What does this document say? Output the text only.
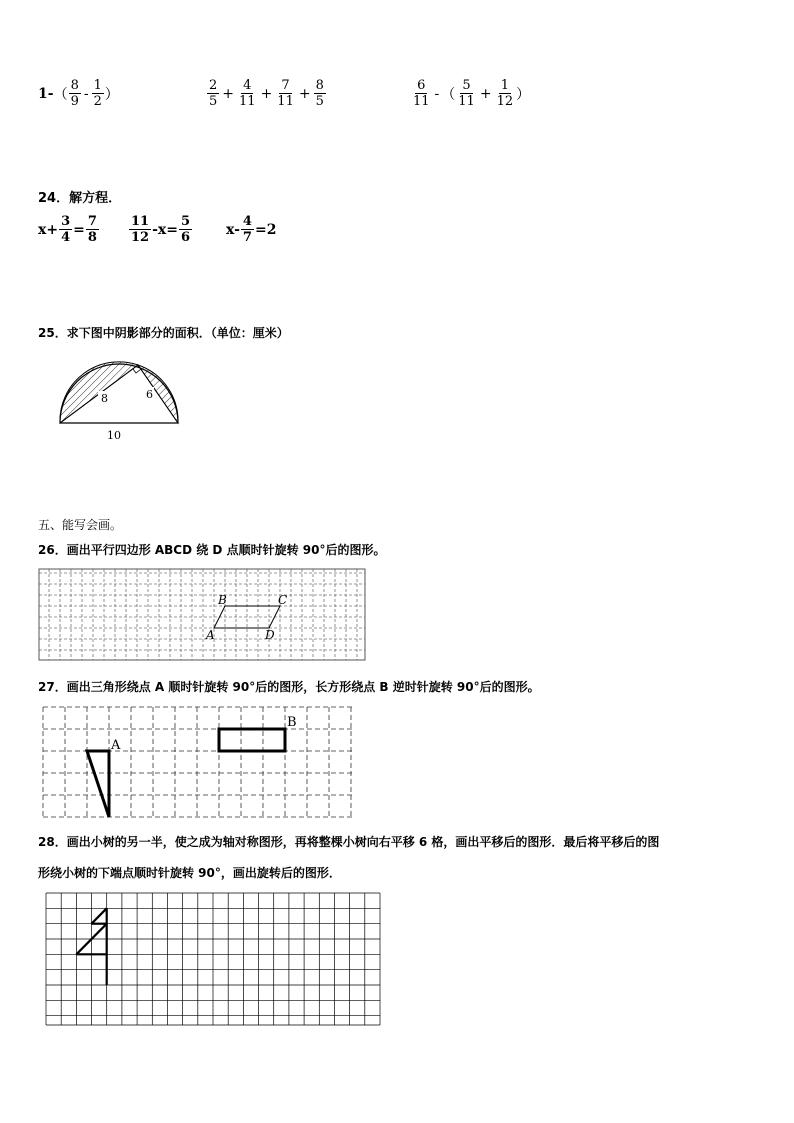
1- （ $\frac{8}{9} - \frac{1}{2}$ ）	$\frac{2}{5} + \frac{4}{11} + \frac{7}{11} + \frac{8}{5}$	$\frac{6}{11}$ - （ $\frac{5}{11} + \frac{1}{12}$ ）
24．解方程．
$x+ \frac{3}{4} = \frac{7}{8} \frac{11}{12} -x= \frac{5}{6} x- \frac{4}{7} =2$
25．求下图中阴影部分的面积．（单位：厘米）
8	6
10
五、能写会画。
26．画出平行四边形 ABCD 绕 D 点顺时针旋转 90°后的图形。
B	C
A	D
27．画出三角形绕点 A 顺时针旋转 90°后的图形，长方形绕点 B 逆时针旋转 90°后的图形。
A
B
28．画出小树的另一半，使之成为轴对称图形，再将整棵小树向右平移 6 格，画出平移后的图形．最后将平移后的图
形绕小树的下端点顺时针旋转 90°，画出旋转后的图形．
